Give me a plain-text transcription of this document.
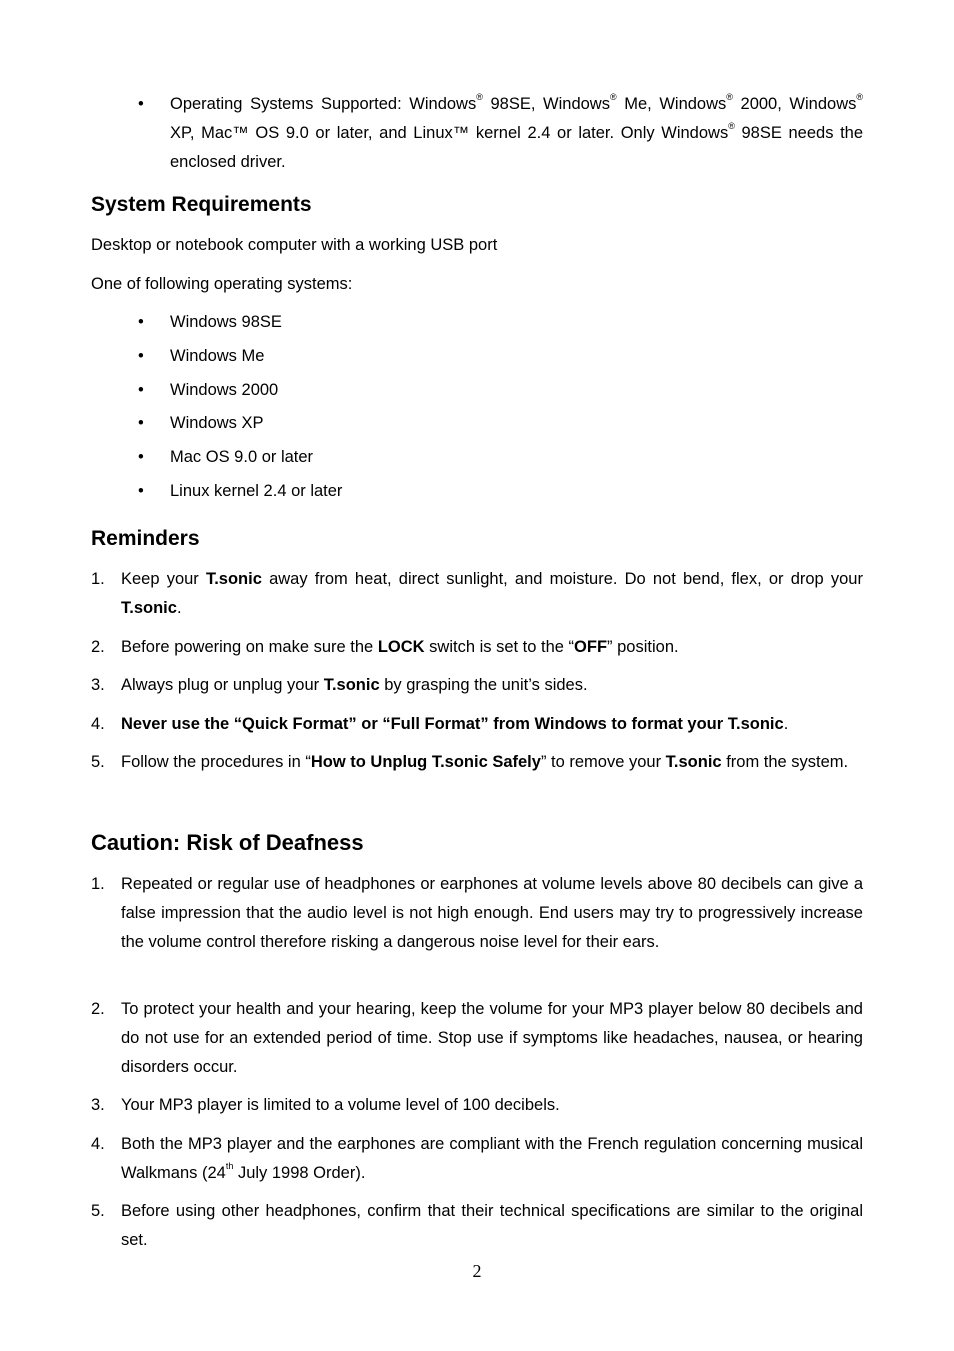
• Operating Systems Supported: Windows® 98SE, Windows® Me, Windows® 2000, Windows® XP, Mac™ OS 9.0 or later, and Linux™ kernel 2.4 or later. Only Windows® 98SE needs the enclosed driver.
System Requirements

Desktop or notebook computer with a working USB port

One of following operating systems:

• Windows 98SE
• Windows Me
• Windows 2000
• Windows XP
• Mac OS 9.0 or later
• Linux kernel 2.4 or later
Reminders
1. Keep your T.sonic away from heat, direct sunlight, and moisture. Do not bend, flex, or drop your T.sonic.
2. Before powering on make sure the LOCK switch is set to the “OFF” position.
3. Always plug or unplug your T.sonic by grasping the unit’s sides.
4. Never use the “Quick Format” or “Full Format” from Windows to format your T.sonic.
5. Follow the procedures in “How to Unplug T.sonic Safely” to remove your T.sonic from the system.
Caution: Risk of Deafness
1. Repeated or regular use of headphones or earphones at volume levels above 80 decibels can give a false impression that the audio level is not high enough. End users may try to progressively increase the volume control therefore risking a dangerous noise level for their ears.
2. To protect your health and your hearing, keep the volume for your MP3 player below 80 decibels and do not use for an extended period of time. Stop use if symptoms like headaches, nausea, or hearing disorders occur.
3. Your MP3 player is limited to a volume level of 100 decibels.
4. Both the MP3 player and the earphones are compliant with the French regulation concerning musical Walkmans (24th July 1998 Order).
5. Before using other headphones, confirm that their technical specifications are similar to the original set.
2
